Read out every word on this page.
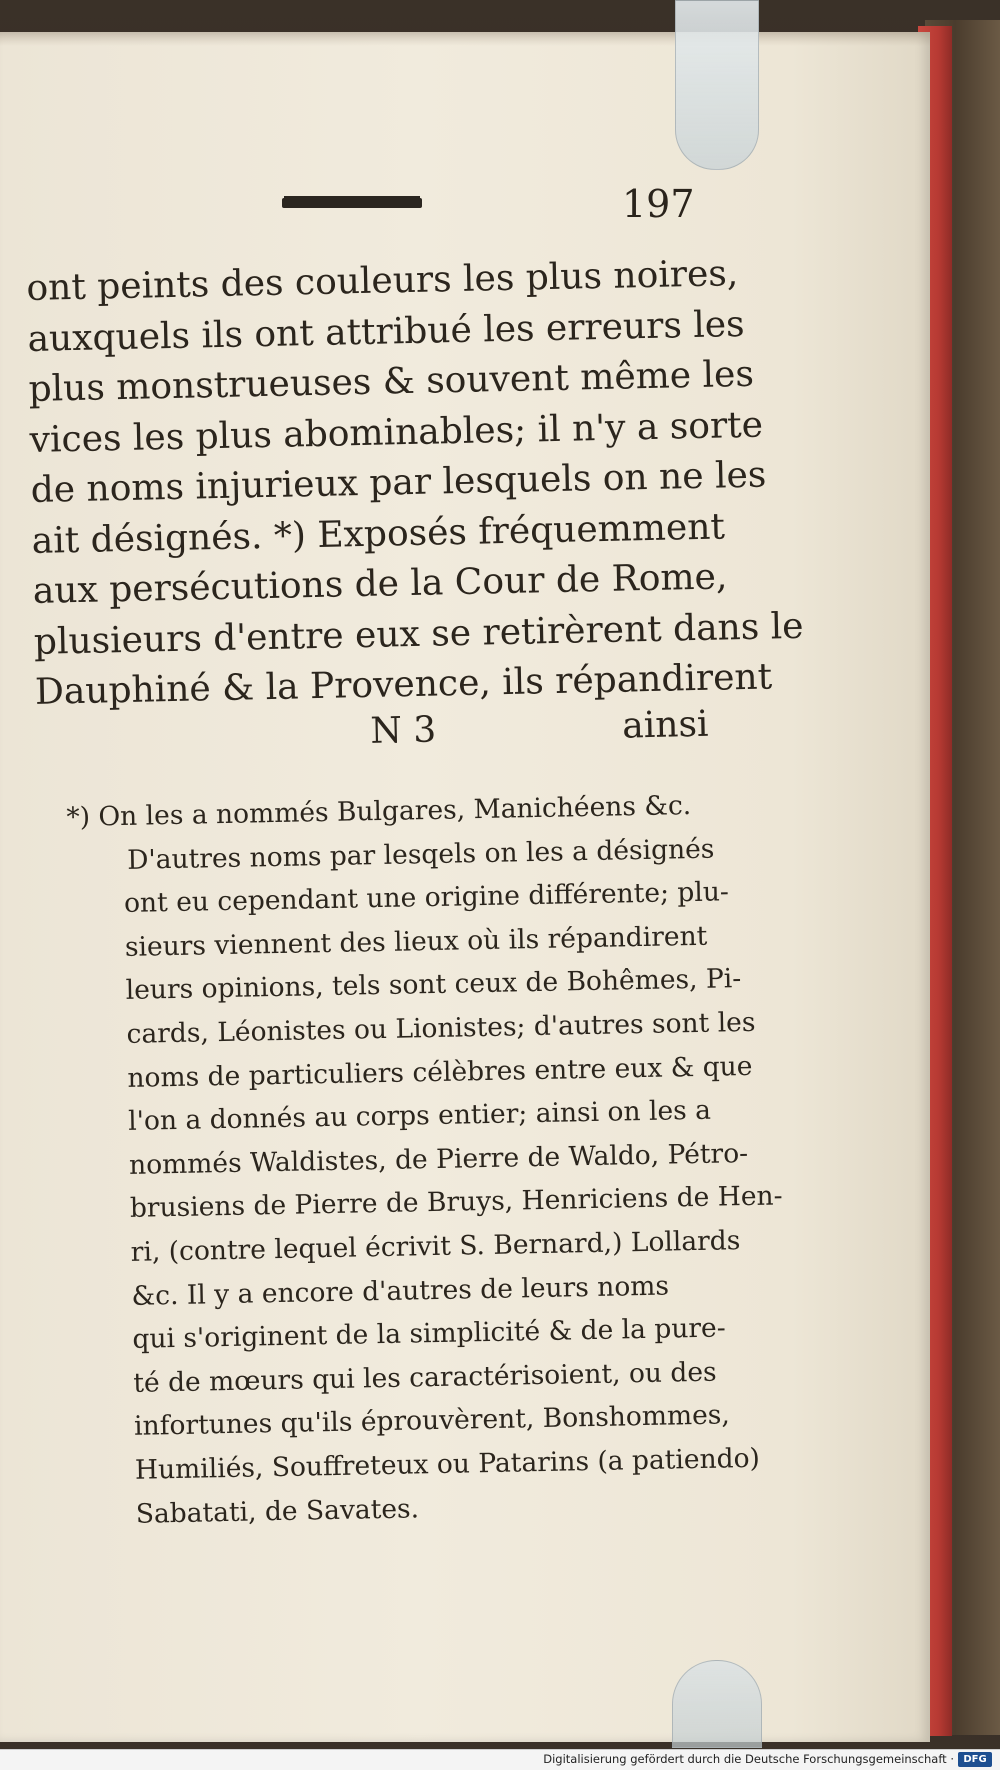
197
ont peints des couleurs les plus noires,
auxquels ils ont attribué les erreurs les
plus monstrueuses & souvent même les
vices les plus abominables; il n'y a sorte
de noms injurieux par lesquels on ne les
ait désignés. *) Exposés fréquemment
aux persécutions de la Cour de Rome,
plusieurs d'entre eux se retirèrent dans le
Dauphiné & la Provence, ils répandirent
N 3	ainsi
*) On les a nommés Bulgares, Manichéens &c.
D'autres noms par lesqels on les a désignés
ont eu cependant une origine différente; plu-
sieurs viennent des lieux où ils répandirent
leurs opinions, tels sont ceux de Bohêmes, Pi-
cards, Léonistes ou Lionistes; d'autres sont les
noms de particuliers célèbres entre eux & que
l'on a donnés au corps entier; ainsi on les a
nommés Waldistes, de Pierre de Waldo, Pétro-
brusiens de Pierre de Bruys, Henriciens de Hen-
ri, (contre lequel écrivit S. Bernard,) Lollards
&c. Il y a encore d'autres de leurs noms
qui s'originent de la simplicité & de la pure-
té de mœurs qui les caractérisoient, ou des
infortunes qu'ils éprouvèrent, Bonshommes,
Humiliés, Souffreteux ou Patarins (a patiendo)
Sabatati, de Savates.
Digitalisierung gefördert durch die Deutsche Forschungsgemeinschaft · DFG
